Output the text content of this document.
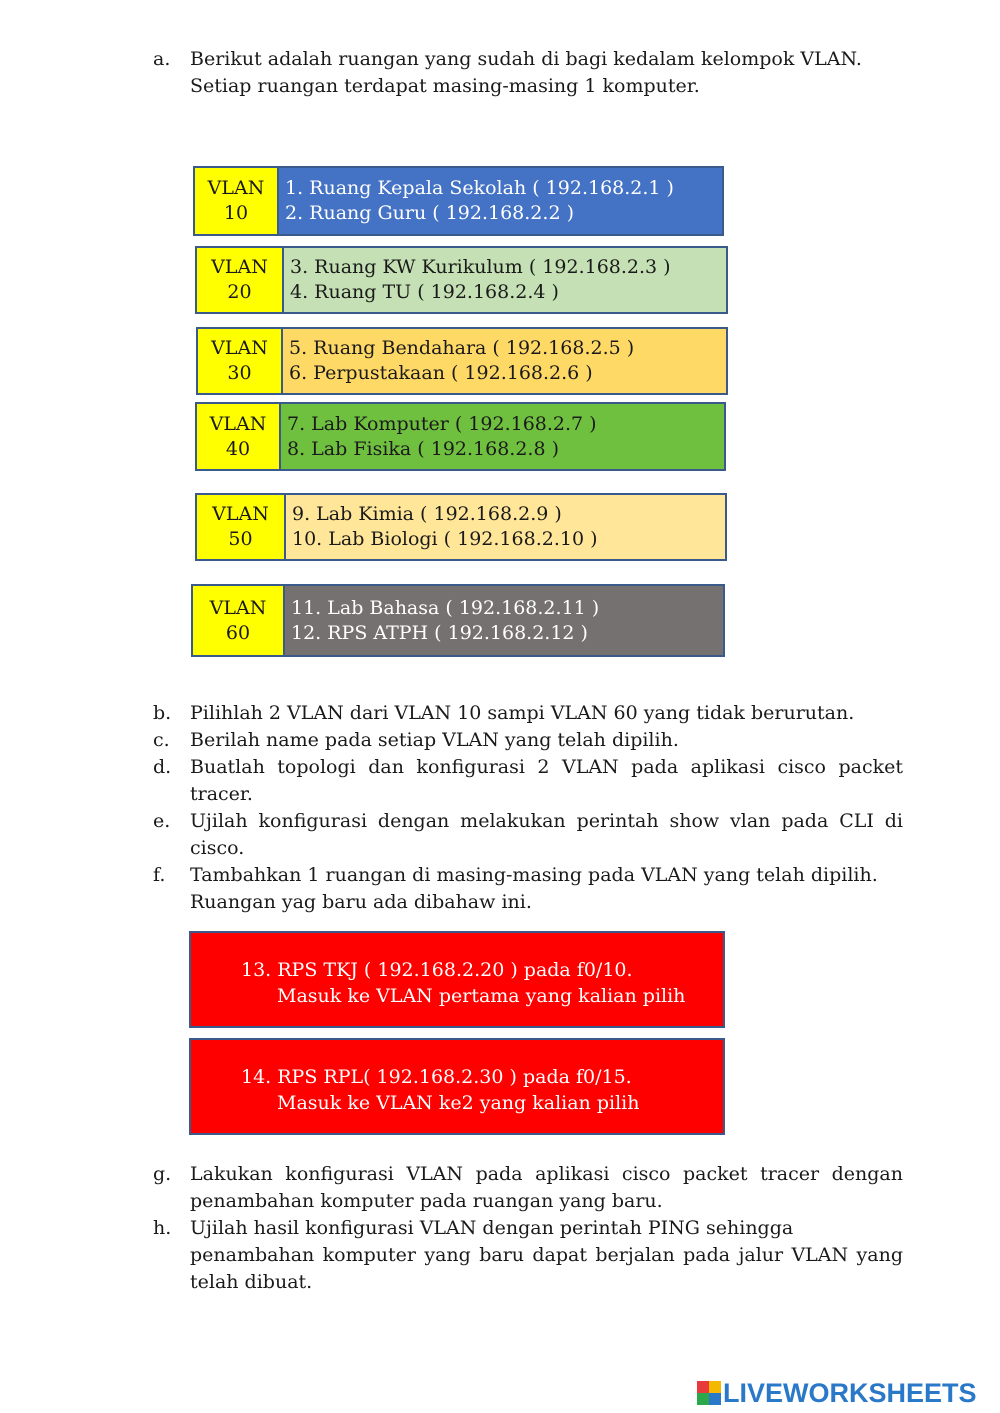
a. Berikut adalah ruangan yang sudah di bagi kedalam kelompok VLAN.
Setiap ruangan terdapat masing-masing 1 komputer.
VLAN
10
1. Ruang Kepala Sekolah ( 192.168.2.1 )
2. Ruang Guru ( 192.168.2.2 )
VLAN
20
3. Ruang KW Kurikulum ( 192.168.2.3 )
4. Ruang TU ( 192.168.2.4 )
VLAN
30
5. Ruang Bendahara ( 192.168.2.5 )
6. Perpustakaan ( 192.168.2.6 )
VLAN
40
7. Lab Komputer ( 192.168.2.7 )
8. Lab Fisika ( 192.168.2.8 )
VLAN
50
9. Lab Kimia ( 192.168.2.9 )
10. Lab Biologi ( 192.168.2.10 )
VLAN
60
11. Lab Bahasa ( 192.168.2.11 )
12. RPS ATPH ( 192.168.2.12 )
b. Pilihlah 2 VLAN dari VLAN 10 sampi VLAN 60 yang tidak berurutan.
c. Berilah name pada setiap VLAN yang telah dipilih.
d. Buatlah topologi dan konfigurasi 2 VLAN pada aplikasi cisco packet tracer.
e. Ujilah konfigurasi dengan melakukan perintah show vlan pada CLI di cisco.
f. Tambahkan 1 ruangan di masing-masing pada VLAN yang telah dipilih.
Ruangan yag baru ada dibahaw ini.
13. RPS TKJ ( 192.168.2.20 ) pada f0/10.
Masuk ke VLAN pertama yang kalian pilih
14. RPS RPL( 192.168.2.30 ) pada f0/15.
Masuk ke VLAN ke2 yang kalian pilih
g. Lakukan konfigurasi VLAN pada aplikasi cisco packet tracer dengan penambahan komputer pada ruangan yang baru.
h. Ujilah hasil konfigurasi VLAN dengan perintah PING sehingga
penambahan komputer yang baru dapat berjalan pada jalur VLAN yang telah dibuat.
LIVEWORKSHEETS
